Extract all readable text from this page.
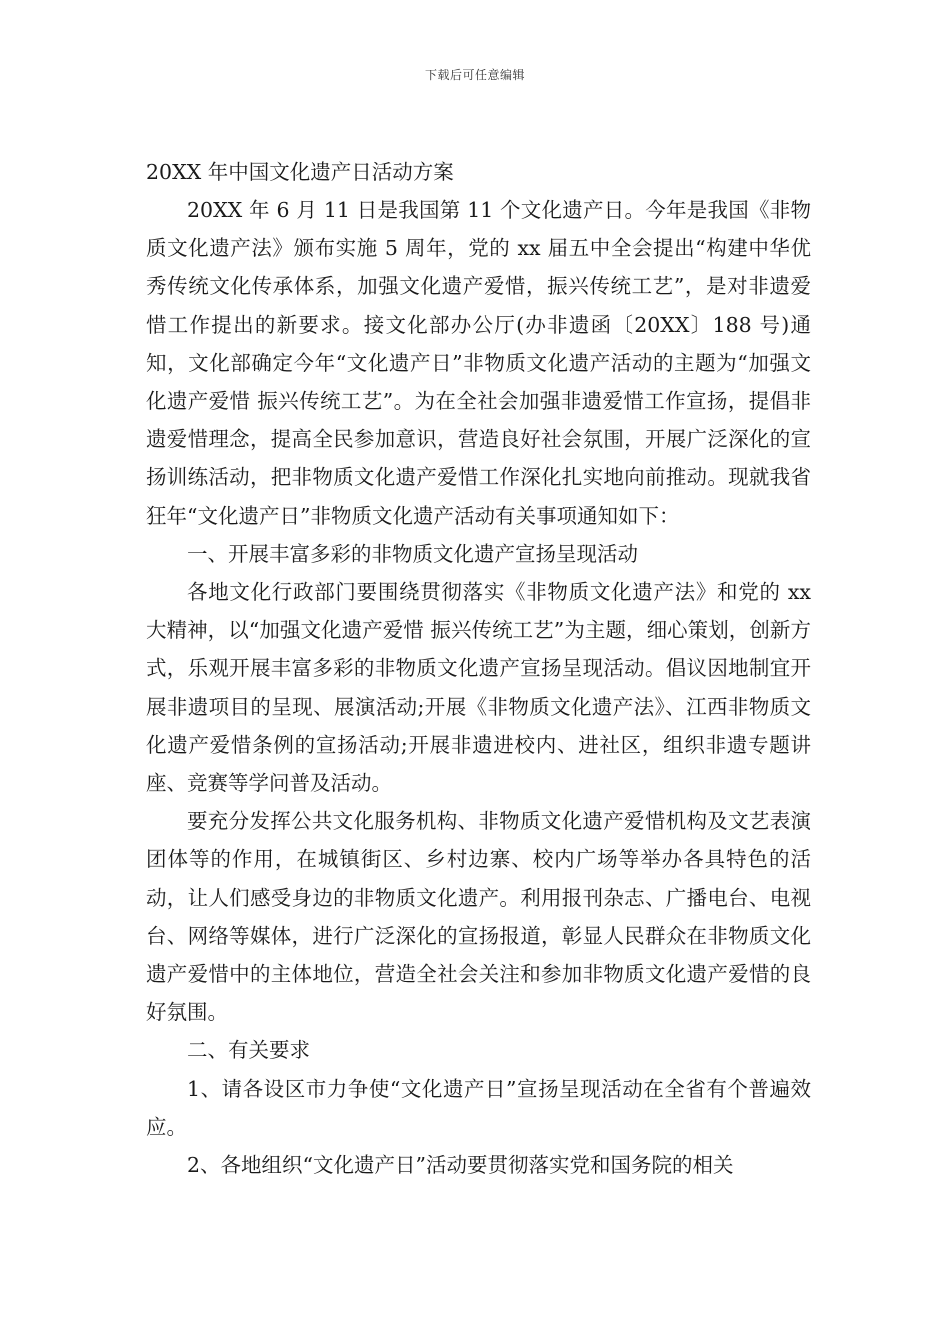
下载后可任意编辑
20XX 年中国文化遗产日活动方案

20XX 年 6 月 11 日是我国第 11 个文化遗产日。今年是我国《非物质文化遗产法》颁布实施 5 周年，党的 xx 届五中全会提出“构建中华优秀传统文化传承体系，加强文化遗产爱惜，振兴传统工艺”，是对非遗爱惜工作提出的新要求。接文化部办公厅(办非遗函〔20XX〕188 号)通知，文化部确定今年“文化遗产日”非物质文化遗产活动的主题为“加强文化遗产爱惜 振兴传统工艺”。为在全社会加强非遗爱惜工作宣扬，提倡非遗爱惜理念，提高全民参加意识，营造良好社会氛围，开展广泛深化的宣扬训练活动，把非物质文化遗产爱惜工作深化扎实地向前推动。现就我省狂年“文化遗产日”非物质文化遗产活动有关事项通知如下：

一、开展丰富多彩的非物质文化遗产宣扬呈现活动

各地文化行政部门要围绕贯彻落实《非物质文化遗产法》和党的 xx 大精神，以“加强文化遗产爱惜 振兴传统工艺”为主题，细心策划，创新方式，乐观开展丰富多彩的非物质文化遗产宣扬呈现活动。倡议因地制宜开展非遗项目的呈现、展演活动;开展《非物质文化遗产法》、江西非物质文化遗产爱惜条例的宣扬活动;开展非遗进校内、进社区，组织非遗专题讲座、竞赛等学问普及活动。

要充分发挥公共文化服务机构、非物质文化遗产爱惜机构及文艺表演团体等的作用，在城镇街区、乡村边寨、校内广场等举办各具特色的活动，让人们感受身边的非物质文化遗产。利用报刊杂志、广播电台、电视台、网络等媒体，进行广泛深化的宣扬报道，彰显人民群众在非物质文化遗产爱惜中的主体地位，营造全社会关注和参加非物质文化遗产爱惜的良好氛围。

二、有关要求

1、请各设区市力争使“文化遗产日”宣扬呈现活动在全省有个普遍效应。

2、各地组织“文化遗产日”活动要贯彻落实党和国务院的相关
